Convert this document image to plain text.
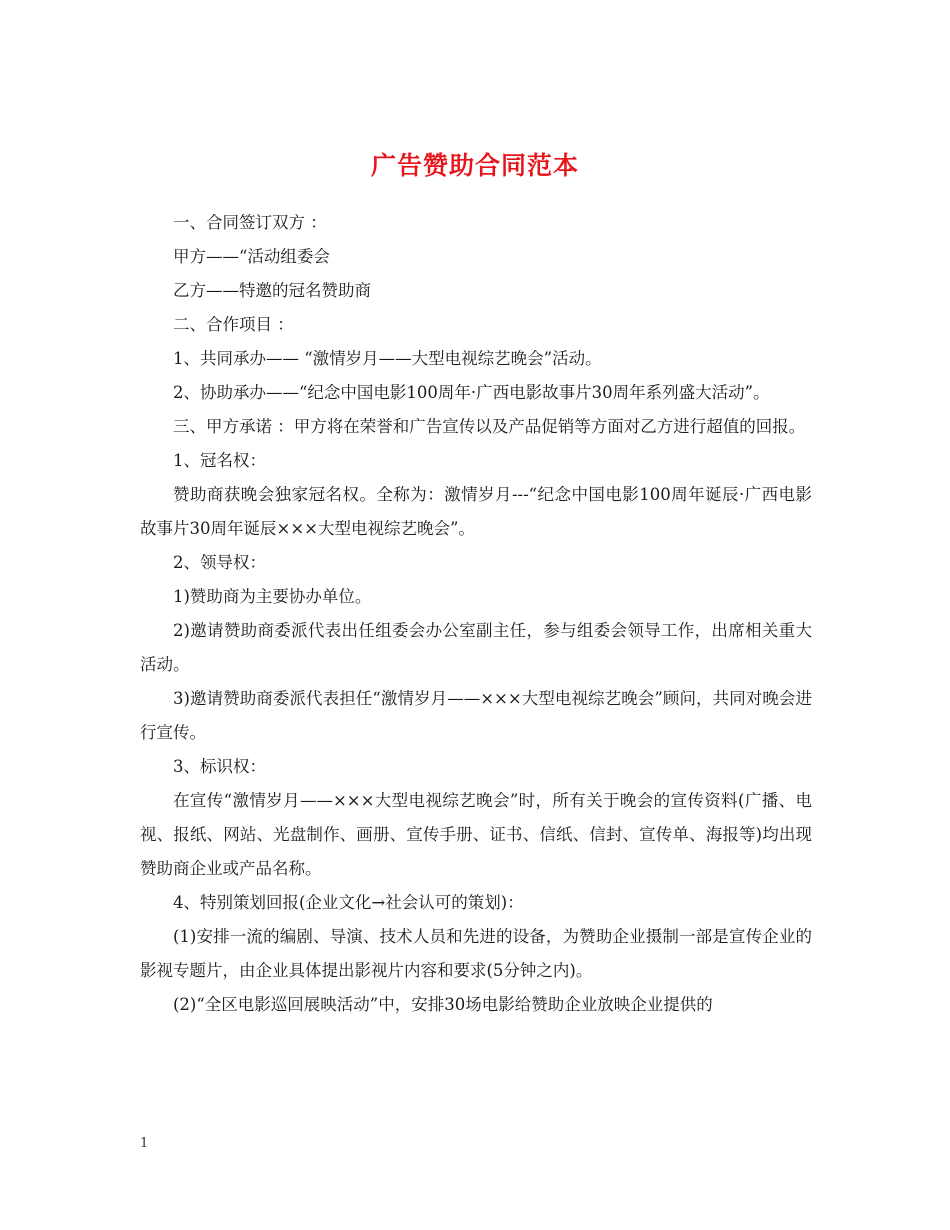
广告赞助合同范本

一、合同签订双方 ：

甲方——“活动组委会

乙方——特邀的冠名赞助商

二、合作项目 ：

1、共同承办—— “激情岁月——大型电视综艺晚会”活动。

2、协助承办——“纪念中国电影100周年·广西电影故事片30周年系列盛大活动”。

三、甲方承诺 ：甲方将在荣誉和广告宣传以及产品促销等方面对乙方进行超值的回报。

1、冠名权：

赞助商获晚会独家冠名权。全称为：激情岁月---“纪念中国电影100周年诞辰·广西电影故事片30周年诞辰×××大型电视综艺晚会”。

2、领导权：

1)赞助商为主要协办单位。

2)邀请赞助商委派代表出任组委会办公室副主任，参与组委会领导工作，出席相关重大活动。

3)邀请赞助商委派代表担任“激情岁月——×××大型电视综艺晚会”顾问，共同对晚会进行宣传。

3、标识权：

在宣传“激情岁月——×××大型电视综艺晚会”时，所有关于晚会的宣传资料(广播、电视、报纸、网站、光盘制作、画册、宣传手册、证书、信纸、信封、宣传单、海报等)均出现赞助商企业或产品名称。

4、特别策划回报(企业文化→社会认可的策划)：

(1)安排一流的编剧、导演、技术人员和先进的设备，为赞助企业摄制一部是宣传企业的影视专题片，由企业具体提出影视片内容和要求(5分钟之内)。

(2)“全区电影巡回展映活动”中，安排30场电影给赞助企业放映企业提供的

1
